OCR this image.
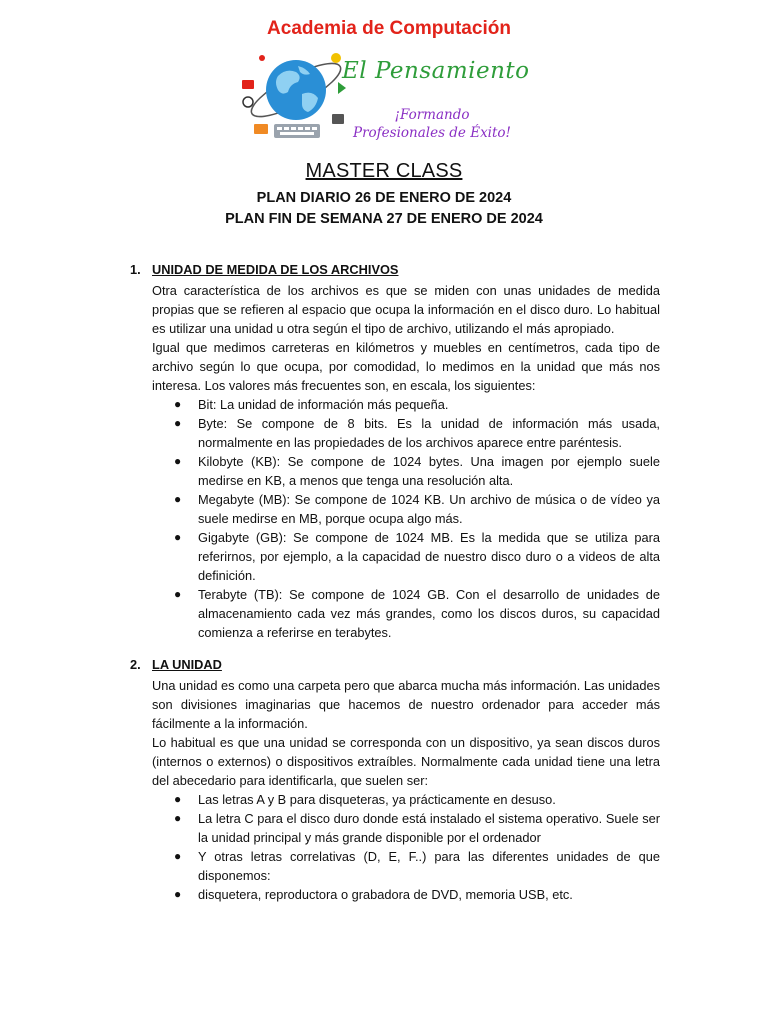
Academia de Computación
El Pensamiento
¡Formando Profesionales de Éxito!
MASTER CLASS
PLAN DIARIO 26 DE ENERO DE 2024
PLAN FIN DE SEMANA 27 DE ENERO DE 2024
1. UNIDAD DE MEDIDA DE LOS ARCHIVOS

Otra característica de los archivos es que se miden con unas unidades de medida propias que se refieren al espacio que ocupa la información en el disco duro. Lo habitual es utilizar una unidad u otra según el tipo de archivo, utilizando el más apropiado.

Igual que medimos carreteras en kilómetros y muebles en centímetros, cada tipo de archivo según lo que ocupa, por comodidad, lo medimos en la unidad que más nos interesa. Los valores más frecuentes son, en escala, los siguientes:

● Bit: La unidad de información más pequeña.
● Byte: Se compone de 8 bits. Es la unidad de información más usada, normalmente en las propiedades de los archivos aparece entre paréntesis.
● Kilobyte (KB): Se compone de 1024 bytes. Una imagen por ejemplo suele medirse en KB, a menos que tenga una resolución alta.
● Megabyte (MB): Se compone de 1024 KB. Un archivo de música o de vídeo ya suele medirse en MB, porque ocupa algo más.
● Gigabyte (GB): Se compone de 1024 MB. Es la medida que se utiliza para referirnos, por ejemplo, a la capacidad de nuestro disco duro o a videos de alta definición.
● Terabyte (TB): Se compone de 1024 GB. Con el desarrollo de unidades de almacenamiento cada vez más grandes, como los discos duros, su capacidad comienza a referirse en terabytes.
2. LA UNIDAD

Una unidad es como una carpeta pero que abarca mucha más información. Las unidades son divisiones imaginarias que hacemos de nuestro ordenador para acceder más fácilmente a la información.

Lo habitual es que una unidad se corresponda con un dispositivo, ya sean discos duros (internos o externos) o dispositivos extraíbles. Normalmente cada unidad tiene una letra del abecedario para identificarla, que suelen ser:

● Las letras A y B para disqueteras, ya prácticamente en desuso.
● La letra C para el disco duro donde está instalado el sistema operativo. Suele ser la unidad principal y más grande disponible por el ordenador
● Y otras letras correlativas (D, E, F..) para las diferentes unidades de que disponemos:
● disquetera, reproductora o grabadora de DVD, memoria USB, etc.
